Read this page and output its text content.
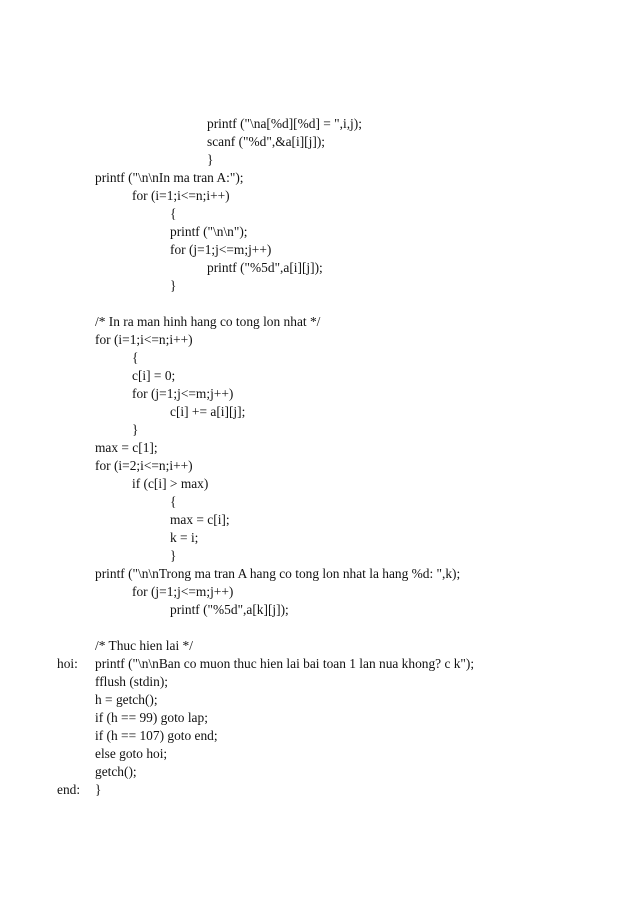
printf ("\na[%d][%d] = ",i,j);
scanf ("%d",&a[i][j]);
}
printf ("\n\nIn ma tran A:");
for (i=1;i<=n;i++)
{
printf ("\n\n");
for (j=1;j<=m;j++)
printf ("%5d",a[i][j]);
}
/* In ra man hinh hang co tong lon nhat */
for (i=1;i<=n;i++)
{
c[i] = 0;
for (j=1;j<=m;j++)
c[i] += a[i][j];
}
max = c[1];
for (i=2;i<=n;i++)
if (c[i] > max)
{
max = c[i];
k = i;
}
printf ("\n\nTrong ma tran A hang co tong lon nhat la hang %d: ",k);
for (j=1;j<=m;j++)
printf ("%5d",a[k][j]);
/* Thuc hien lai */
hoi: printf ("\n\nBan co muon thuc hien lai bai toan 1 lan nua khong? c k");
fflush (stdin);
h = getch();
if (h == 99) goto lap;
if (h == 107) goto end;
else goto hoi;
getch();
end: }
